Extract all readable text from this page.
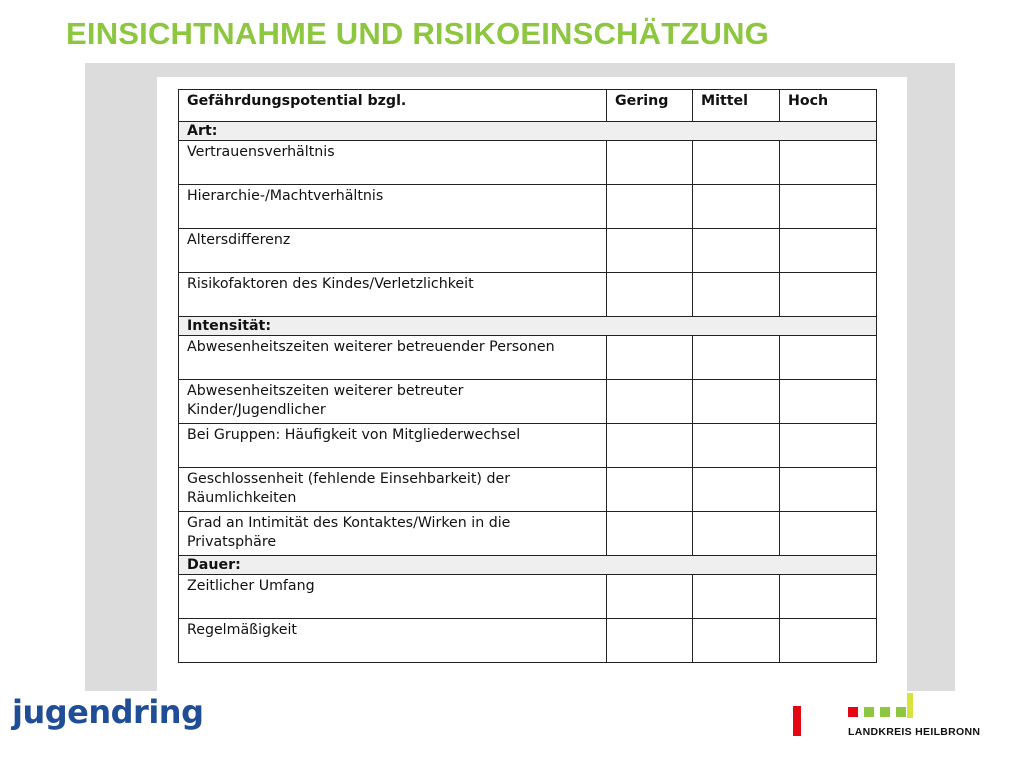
EINSICHTNAHME UND RISIKOEINSCHÄTZUNG
Gefährdungspotential bzgl.	Gering	Mittel	Hoch
Art:			
Vertrauensverhältnis			
Hierarchie-/Machtverhältnis			
Altersdifferenz			
Risikofaktoren des Kindes/Verletzlichkeit			
Intensität:			
Abwesenheitszeiten weiterer betreuender Personen			
Abwesenheitszeiten weiterer betreuter Kinder/Jugendlicher			
Bei Gruppen: Häufigkeit von Mitgliederwechsel			
Geschlossenheit (fehlende Einsehbarkeit) der Räumlichkeiten			
Grad an Intimität des Kontaktes/Wirken in die Privatsphäre			
Dauer:			
Zeitlicher Umfang			
Regelmäßigkeit			
jugendring
LANDKREIS HEILBRONN
